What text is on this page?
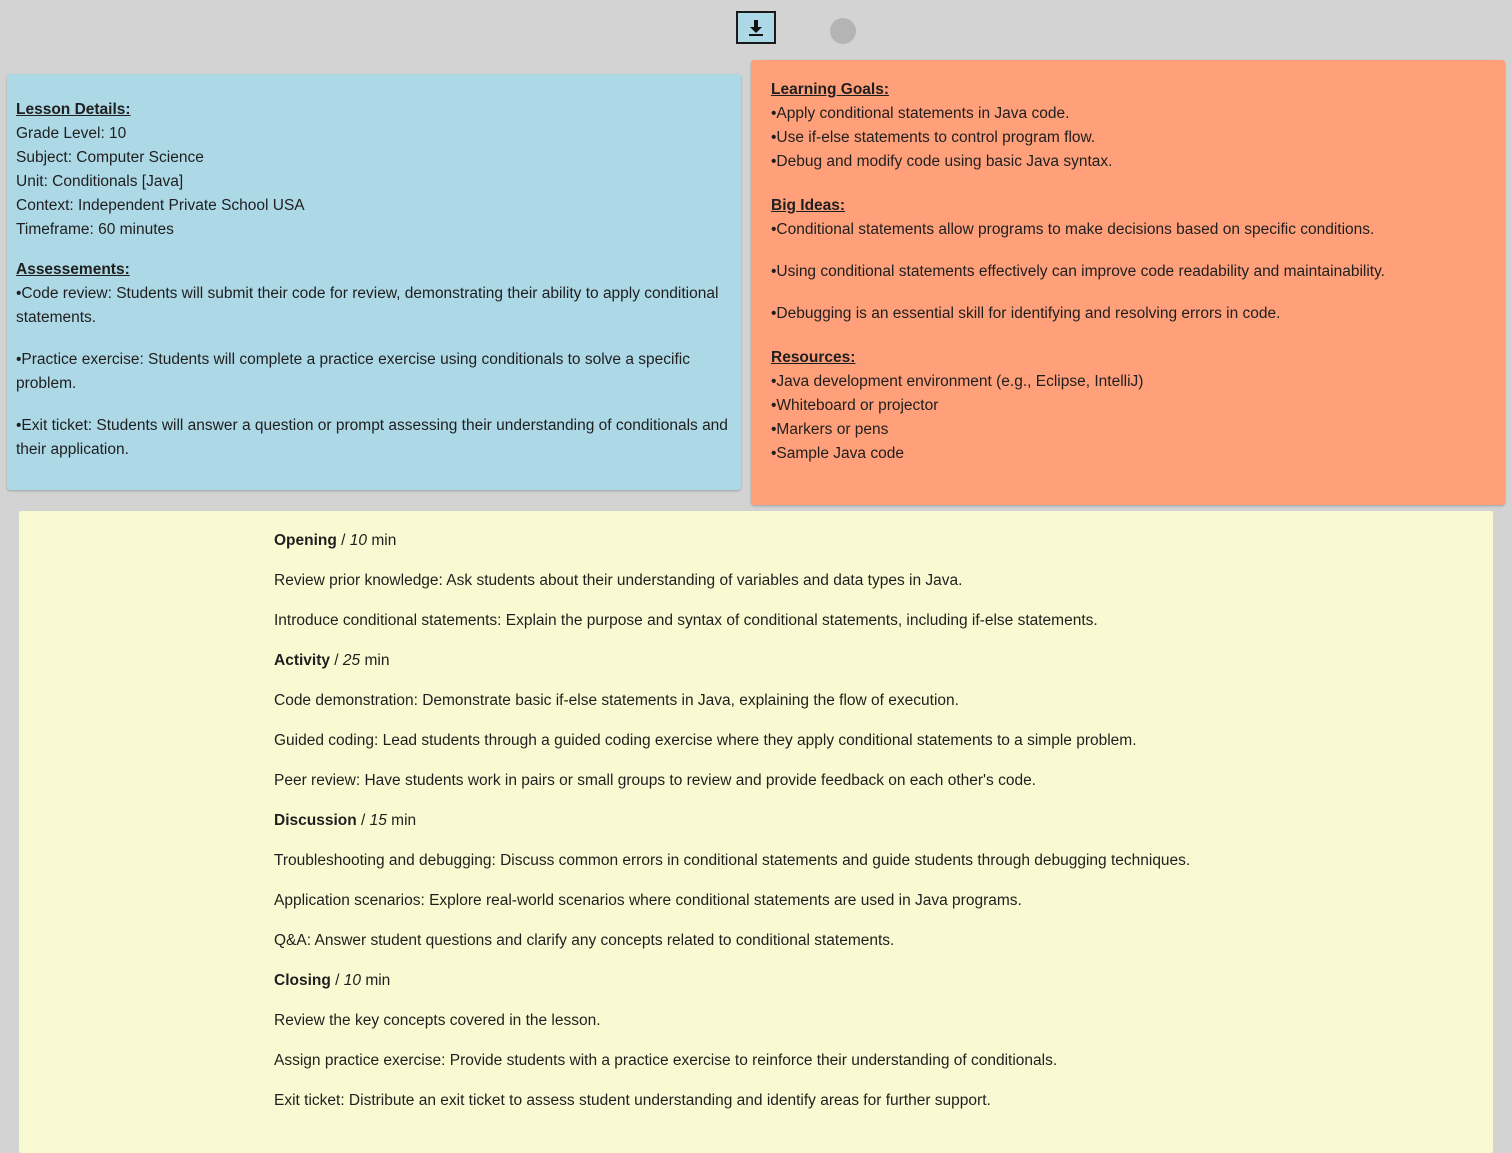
Lesson Details:
Grade Level: 10
Subject: Computer Science
Unit: Conditionals [Java]
Context: Independent Private School USA
Timeframe: 60 minutes
Assessements:
•Code review: Students will submit their code for review, demonstrating their ability to apply conditional statements.
•Practice exercise: Students will complete a practice exercise using conditionals to solve a specific problem.
•Exit ticket: Students will answer a question or prompt assessing their understanding of conditionals and their application.
Learning Goals:
•Apply conditional statements in Java code.
•Use if-else statements to control program flow.
•Debug and modify code using basic Java syntax.
Big Ideas:
•Conditional statements allow programs to make decisions based on specific conditions.
•Using conditional statements effectively can improve code readability and maintainability.
•Debugging is an essential skill for identifying and resolving errors in code.
Resources:
•Java development environment (e.g., Eclipse, IntelliJ)
•Whiteboard or projector
•Markers or pens
•Sample Java code
Opening / 10 min
Review prior knowledge: Ask students about their understanding of variables and data types in Java.
Introduce conditional statements: Explain the purpose and syntax of conditional statements, including if-else statements.
Activity / 25 min
Code demonstration: Demonstrate basic if-else statements in Java, explaining the flow of execution.
Guided coding: Lead students through a guided coding exercise where they apply conditional statements to a simple problem.
Peer review: Have students work in pairs or small groups to review and provide feedback on each other's code.
Discussion / 15 min
Troubleshooting and debugging: Discuss common errors in conditional statements and guide students through debugging techniques.
Application scenarios: Explore real-world scenarios where conditional statements are used in Java programs.
Q&A: Answer student questions and clarify any concepts related to conditional statements.
Closing / 10 min
Review the key concepts covered in the lesson.
Assign practice exercise: Provide students with a practice exercise to reinforce their understanding of conditionals.
Exit ticket: Distribute an exit ticket to assess student understanding and identify areas for further support.
